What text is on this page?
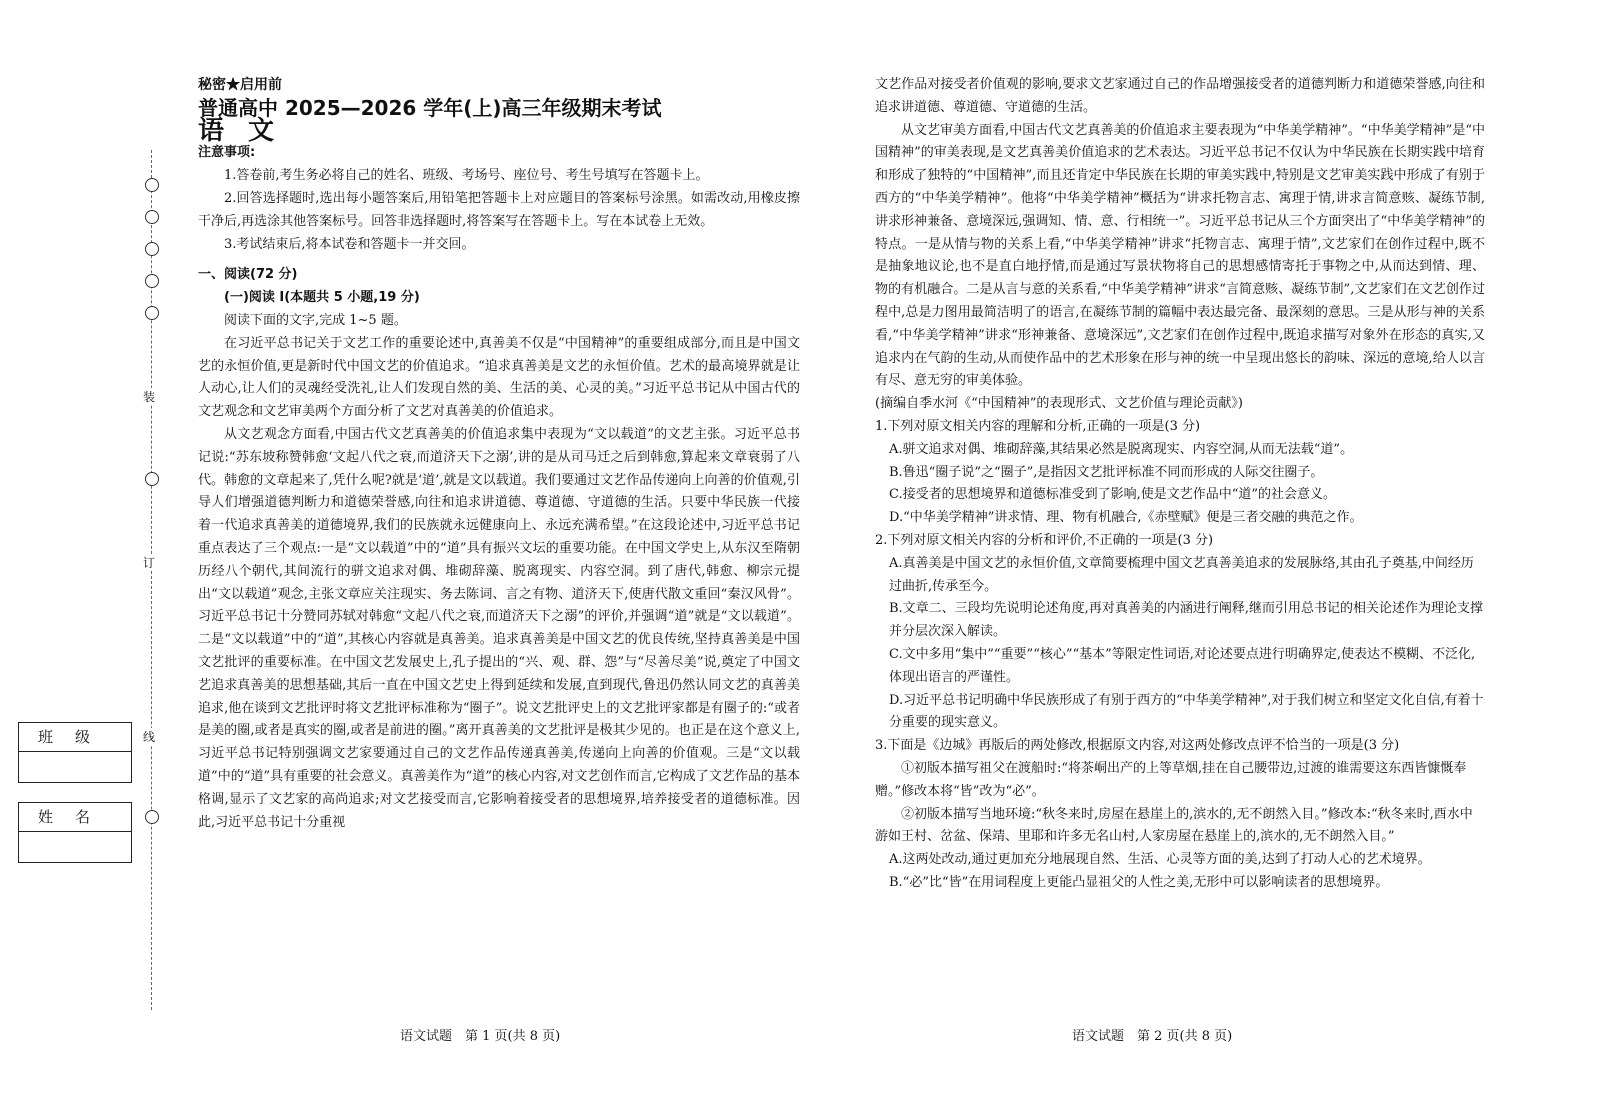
装
订
线
班级
姓名

秘密★启用前

普通高中 2025—2026 学年(上)高三年级期末考试

语文

注意事项:

1.答卷前,考生务必将自己的姓名、班级、考场号、座位号、考生号填写在答题卡上。

2.回答选择题时,选出每小题答案后,用铅笔把答题卡上对应题目的答案标号涂黑。如需改动,用橡皮擦干净后,再选涂其他答案标号。回答非选择题时,将答案写在答题卡上。写在本试卷上无效。

3.考试结束后,将本试卷和答题卡一并交回。

一、阅读(72 分)

(一)阅读 I(本题共 5 小题,19 分)

阅读下面的文字,完成 1~5 题。

在习近平总书记关于文艺工作的重要论述中,真善美不仅是“中国精神”的重要组成部分,而且是中国文艺的永恒价值,更是新时代中国文艺的价值追求。“追求真善美是文艺的永恒价值。艺术的最高境界就是让人动心,让人们的灵魂经受洗礼,让人们发现自然的美、生活的美、心灵的美。”习近平总书记从中国古代的文艺观念和文艺审美两个方面分析了文艺对真善美的价值追求。

从文艺观念方面看,中国古代文艺真善美的价值追求集中表现为“文以载道”的文艺主张。习近平总书记说:“苏东坡称赞韩愈‘文起八代之衰,而道济天下之溺’,讲的是从司马迁之后到韩愈,算起来文章衰弱了八代。韩愈的文章起来了,凭什么呢?就是‘道’,就是文以载道。我们要通过文艺作品传递向上向善的价值观,引导人们增强道德判断力和道德荣誉感,向往和追求讲道德、尊道德、守道德的生活。只要中华民族一代接着一代追求真善美的道德境界,我们的民族就永远健康向上、永远充满希望。”在这段论述中,习近平总书记重点表达了三个观点:一是“文以载道”中的“道”具有振兴文坛的重要功能。在中国文学史上,从东汉至隋朝历经八个朝代,其间流行的骈文追求对偶、堆砌辞藻、脱离现实、内容空洞。到了唐代,韩愈、柳宗元提出“文以载道”观念,主张文章应关注现实、务去陈词、言之有物、道济天下,使唐代散文重回“秦汉风骨”。习近平总书记十分赞同苏轼对韩愈“文起八代之衰,而道济天下之溺”的评价,并强调“道”就是“文以载道”。二是“文以载道”中的“道”,其核心内容就是真善美。追求真善美是中国文艺的优良传统,坚持真善美是中国文艺批评的重要标准。在中国文艺发展史上,孔子提出的“兴、观、群、怨”与“尽善尽美”说,奠定了中国文艺追求真善美的思想基础,其后一直在中国文艺史上得到延续和发展,直到现代,鲁迅仍然认同文艺的真善美追求,他在谈到文艺批评时将文艺批评标准称为“圈子”。说文艺批评史上的文艺批评家都是有圈子的:“或者是美的圈,或者是真实的圈,或者是前进的圈。”离开真善美的文艺批评是极其少见的。也正是在这个意义上,习近平总书记特别强调文艺家要通过自己的文艺作品传递真善美,传递向上向善的价值观。三是“文以载道”中的“道”具有重要的社会意义。真善美作为“道”的核心内容,对文艺创作而言,它构成了文艺作品的基本格调,显示了文艺家的高尚追求;对文艺接受而言,它影响着接受者的思想境界,培养接受者的道德标准。因此,习近平总书记十分重视

文艺作品对接受者价值观的影响,要求文艺家通过自己的作品增强接受者的道德判断力和道德荣誉感,向往和追求讲道德、尊道德、守道德的生活。

从文艺审美方面看,中国古代文艺真善美的价值追求主要表现为“中华美学精神”。“中华美学精神”是“中国精神”的审美表现,是文艺真善美价值追求的艺术表达。习近平总书记不仅认为中华民族在长期实践中培育和形成了独特的“中国精神”,而且还肯定中华民族在长期的审美实践中,特别是文艺审美实践中形成了有别于西方的“中华美学精神”。他将“中华美学精神”概括为“讲求托物言志、寓理于情,讲求言简意赅、凝练节制,讲求形神兼备、意境深远,强调知、情、意、行相统一”。习近平总书记从三个方面突出了“中华美学精神”的特点。一是从情与物的关系上看,“中华美学精神”讲求“托物言志、寓理于情”,文艺家们在创作过程中,既不是抽象地议论,也不是直白地抒情,而是通过写景状物将自己的思想感情寄托于事物之中,从而达到情、理、物的有机融合。二是从言与意的关系看,“中华美学精神”讲求“言简意赅、凝练节制”,文艺家们在文艺创作过程中,总是力图用最简洁明了的语言,在凝练节制的篇幅中表达最完备、最深刻的意思。三是从形与神的关系看,“中华美学精神”讲求“形神兼备、意境深远”,文艺家们在创作过程中,既追求描写对象外在形态的真实,又追求内在气韵的生动,从而使作品中的艺术形象在形与神的统一中呈现出悠长的韵味、深远的意境,给人以言有尽、意无穷的审美体验。

(摘编自季水河《“中国精神”的表现形式、文艺价值与理论贡献》)

1.下列对原文相关内容的理解和分析,正确的一项是(3 分)

A.骈文追求对偶、堆砌辞藻,其结果必然是脱离现实、内容空洞,从而无法载“道”。

B.鲁迅“圈子说”之“圈子”,是指因文艺批评标准不同而形成的人际交往圈子。

C.接受者的思想境界和道德标准受到了影响,使是文艺作品中“道”的社会意义。

D.“中华美学精神”讲求情、理、物有机融合,《赤壁赋》便是三者交融的典范之作。

2.下列对原文相关内容的分析和评价,不正确的一项是(3 分)

A.真善美是中国文艺的永恒价值,文章简要梳理中国文艺真善美追求的发展脉络,其由孔子奠基,中间经历过曲折,传承至今。

B.文章二、三段均先说明论述角度,再对真善美的内涵进行阐释,继而引用总书记的相关论述作为理论支撑并分层次深入解读。

C.文中多用“集中”“重要”“核心”“基本”等限定性词语,对论述要点进行明确界定,使表达不模糊、不泛化,体现出语言的严谨性。

D.习近平总书记明确中华民族形成了有别于西方的“中华美学精神”,对于我们树立和坚定文化自信,有着十分重要的现实意义。

3.下面是《边城》再版后的两处修改,根据原文内容,对这两处修改点评不恰当的一项是(3 分)

①初版本描写祖父在渡船时:“将茶峒出产的上等草烟,挂在自己腰带边,过渡的谁需要这东西皆慷慨奉赠。”修改本将“皆”改为“必”。

②初版本描写当地环境:“秋冬来时,房屋在悬崖上的,滨水的,无不朗然入目。”修改本:“秋冬来时,酉水中游如王村、岔盆、保靖、里耶和许多无名山村,人家房屋在悬崖上的,滨水的,无不朗然入目。”

A.这两处改动,通过更加充分地展现自然、生活、心灵等方面的美,达到了打动人心的艺术境界。

B.“必”比“皆”在用词程度上更能凸显祖父的人性之美,无形中可以影响读者的思想境界。

语文试题　第 1 页(共 8 页)	语文试题　第 2 页(共 8 页)
